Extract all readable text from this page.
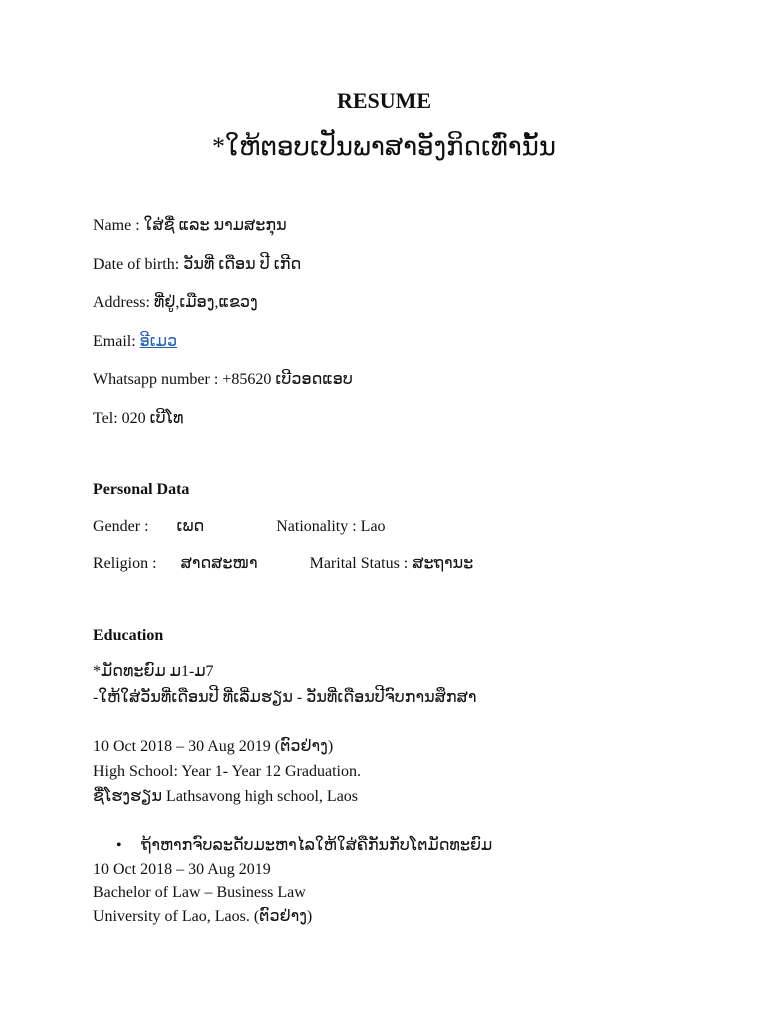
RESUME
*ໃຫ້ຕອບເປັນພາສາອັງກິດເທົ່ານັ້ນ
Name : ໃສ່ຊື່ ແລະ ນາມສະກຸນ
Date of birth: ວັນທີ່ ເດືອນ ປີ ເກີດ
Address: ທີ່ຢູ່,ເມືອງ,ແຂວງ
Email: ອີເມວ
Whatsapp number : +85620 ເບີວອດແອບ
Tel: 020 ເບີໂທ
Personal Data
Gender : ເພດ	Nationality : Lao
Religion : ສາດສະໜາ	Marital Status : ສະຖານະ
Education
*ມັດທະຍົມ ມ1-ມ7
-ໃຫ້ໃສ່ວັນທີ່ເດືອນປີ ທີ່ເລີ່ມຮຽນ - ວັນທີ່ເດືອນປີຈົບການສຶກສາ
10 Oct 2018 – 30 Aug 2019 (ຕົວຢ່າງ)
High School: Year 1- Year 12 Graduation.
ຊື່ໂຮງຮຽນ Lathsavong high school, Laos
• ຖ້າຫາກຈົບລະດັບມະຫາໄລໃຫ້ໃສ່ຄືກັນກັບໂຕມັດທະຍົມ
10 Oct 2018 – 30 Aug 2019
Bachelor of Law – Business Law
University of Lao, Laos. (ຕົວຢ່າງ)
